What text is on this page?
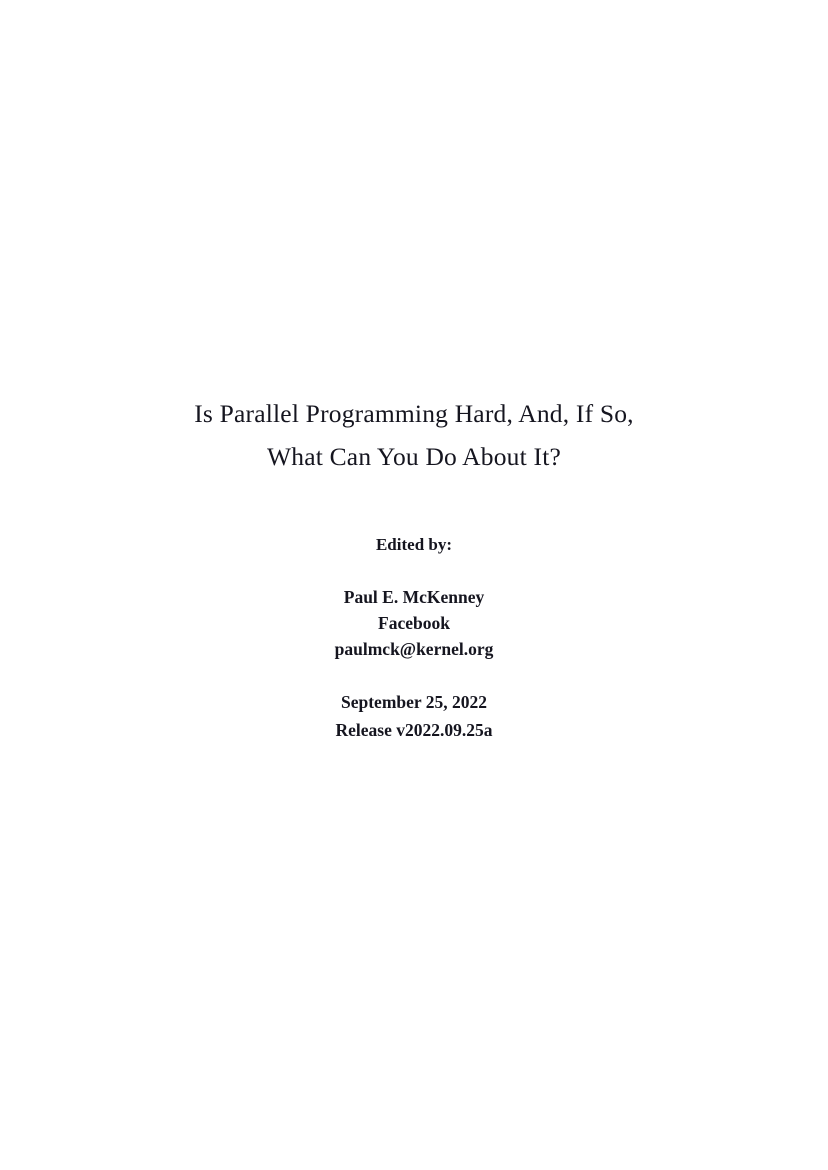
Is Parallel Programming Hard, And, If So,
What Can You Do About It?
Edited by:
Paul E. McKenney
Facebook
paulmck@kernel.org
September 25, 2022
Release v2022.09.25a
